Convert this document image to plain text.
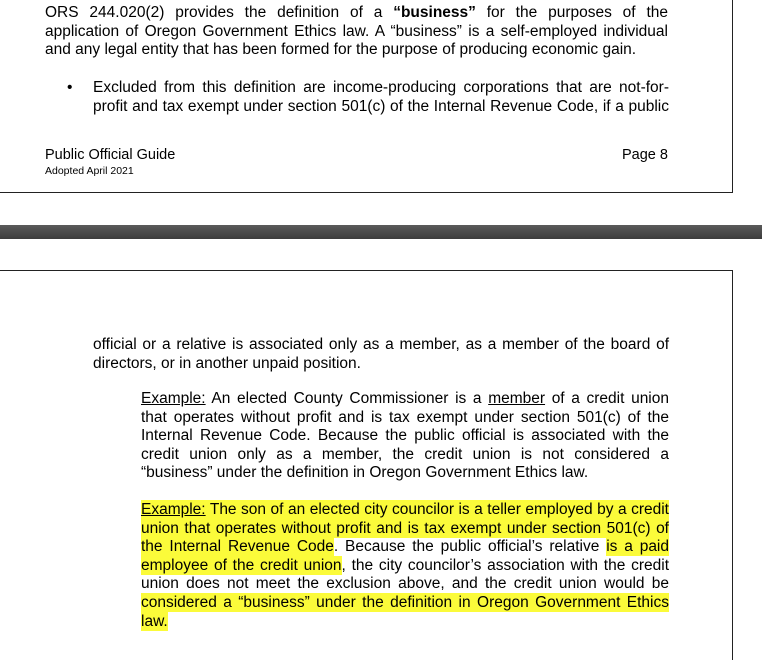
ORS 244.020(2) provides the definition of a “business” for the purposes of the
application of Oregon Government Ethics law. A “business” is a self-employed individual
and any legal entity that has been formed for the purpose of producing economic gain.
• Excluded from this definition are income-producing corporations that are not-for-
profit and tax exempt under section 501(c) of the Internal Revenue Code, if a public
Public Official Guide
Adopted April 2021
Page 8
official or a relative is associated only as a member, as a member of the board of
directors, or in another unpaid position.
Example: An elected County Commissioner is a member of a credit union
that operates without profit and is tax exempt under section 501(c) of the
Internal Revenue Code. Because the public official is associated with the
credit union only as a member, the credit union is not considered a
“business” under the definition in Oregon Government Ethics law.
Example: The son of an elected city councilor is a teller employed by a credit
union that operates without profit and is tax exempt under section 501(c) of
the Internal Revenue Code. Because the public official’s relative is a paid
employee of the credit union, the city councilor’s association with the credit
union does not meet the exclusion above, and the credit union would be
considered a “business” under the definition in Oregon Government Ethics
law.
